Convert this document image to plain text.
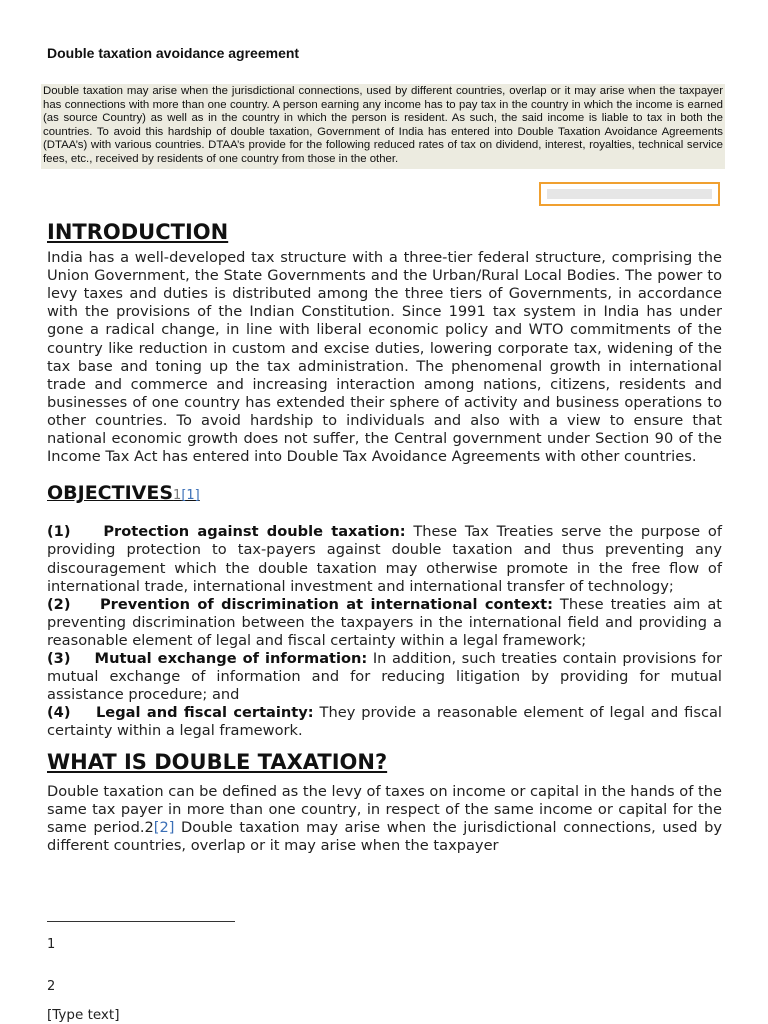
Double taxation avoidance agreement
Double taxation may arise when the jurisdictional connections, used by different countries, overlap or it may arise when the taxpayer has connections with more than one country. A person earning any income has to pay tax in the country in which the income is earned (as source Country) as well as in the country in which the person is resident. As such, the said income is liable to tax in both the countries. To avoid this hardship of double taxation, Government of India has entered into Double Taxation Avoidance Agreements (DTAA’s) with various countries. DTAA’s provide for the following reduced rates of tax on dividend, interest, royalties, technical service fees, etc., received by residents of one country from those in the other.
INTRODUCTION

India has a well-developed tax structure with a three-tier federal structure, comprising the Union Government, the State Governments and the Urban/Rural Local Bodies. The power to levy taxes and duties is distributed among the three tiers of Governments, in accordance with the provisions of the Indian Constitution. Since 1991 tax system in India has under gone a radical change, in line with liberal economic policy and WTO commitments of the country like reduction in custom and excise duties, lowering corporate tax, widening of the tax base and toning up the tax administration. The phenomenal growth in international trade and commerce and increasing interaction among nations, citizens, residents and businesses of one country has extended their sphere of activity and business operations to other countries. To avoid hardship to individuals and also with a view to ensure that national economic growth does not suffer, the Central government under Section 90 of the Income Tax Act has entered into Double Tax Avoidance Agreements with other countries.

OBJECTIVES1[1]

(1)    Protection against double taxation: These Tax Treaties serve the purpose of providing protection to tax-payers against double taxation and thus preventing any discouragement which the double taxation may otherwise promote in the free flow of international trade, international investment and international transfer of technology;

(2)    Prevention of discrimination at international context: These treaties aim at preventing discrimination between the taxpayers in the international field and providing a reasonable element of legal and fiscal certainty within a legal framework;

(3)    Mutual exchange of information: In addition, such treaties contain provisions for mutual exchange of information and for reducing litigation by providing for mutual assistance procedure; and

(4)    Legal and fiscal certainty: They provide a reasonable element of legal and fiscal certainty within a legal framework.

WHAT IS DOUBLE TAXATION?

Double taxation can be defined as the levy of taxes on income or capital in the hands of the same tax payer in more than one country, in respect of the same income or capital for the same period.2[2] Double taxation may arise when the jurisdictional connections, used by different countries, overlap or it may arise when the taxpayer

1
2
[Type text]
